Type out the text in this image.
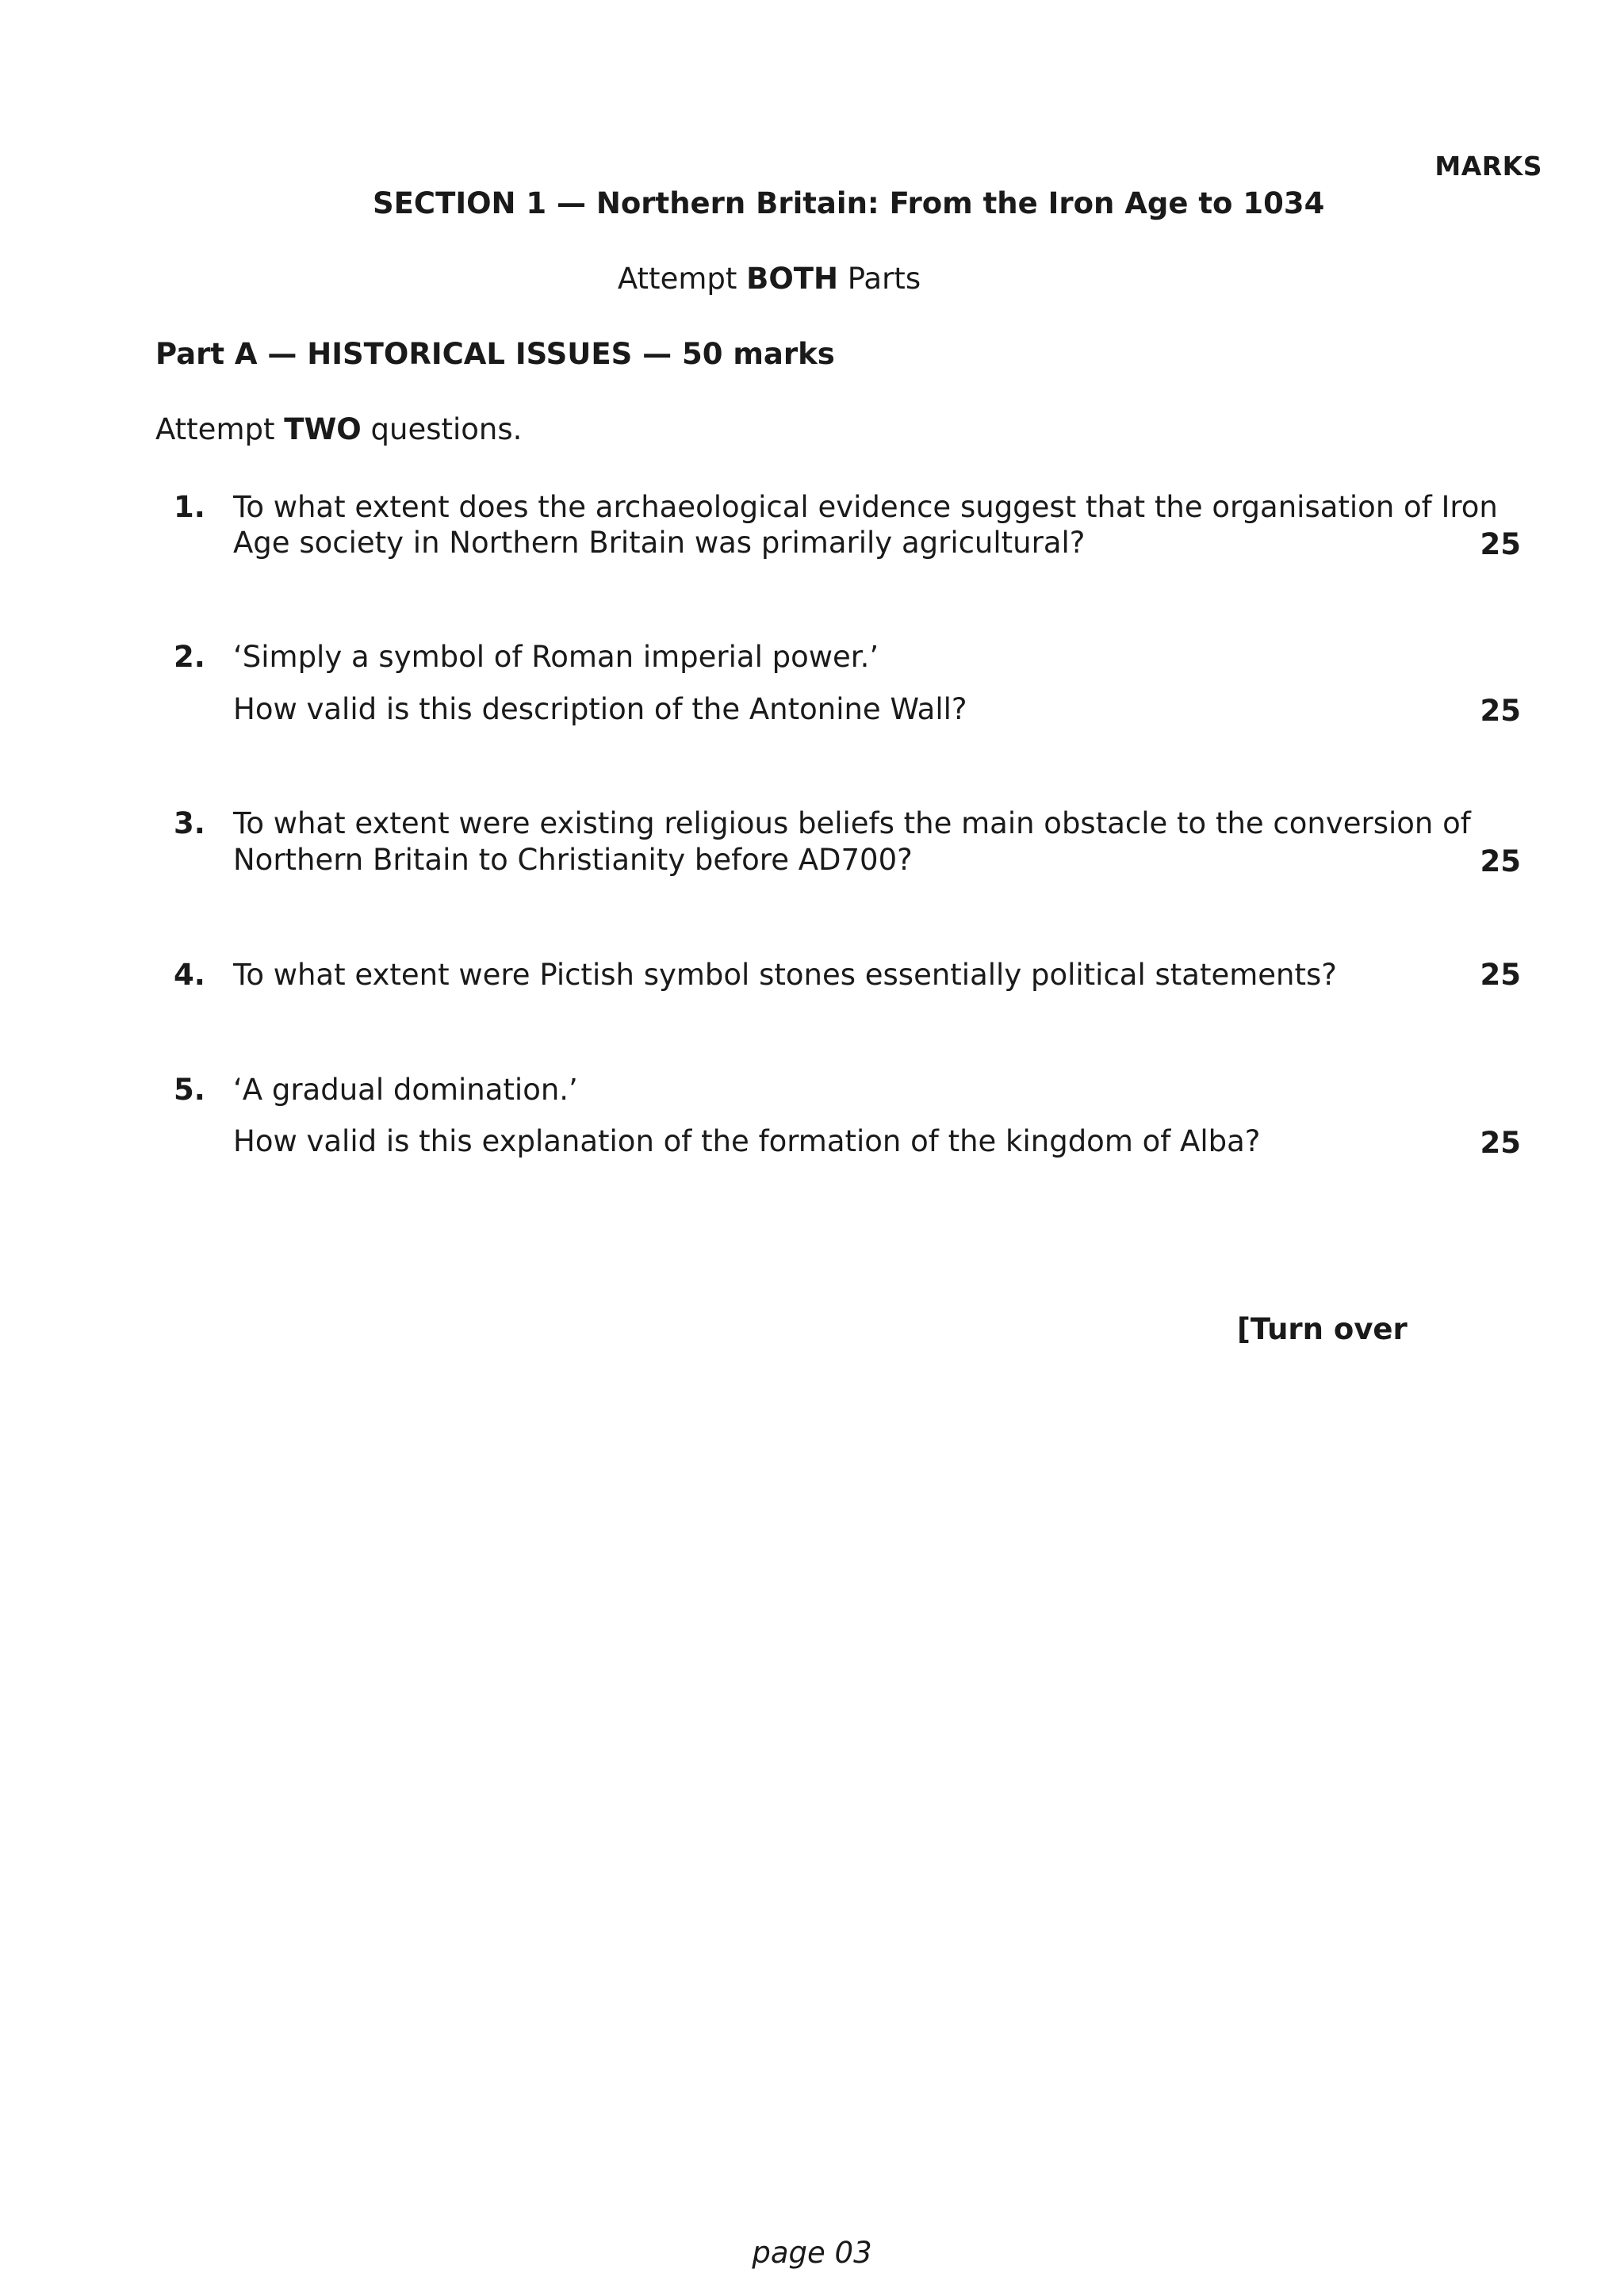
MARKS
SECTION 1 — Northern Britain: From the Iron Age to 1034
Attempt BOTH Parts
Part A — HISTORICAL ISSUES — 50 marks
Attempt TWO questions.
1. To what extent does the archaeological evidence suggest that the organisation of Iron
Age society in Northern Britain was primarily agricultural?	25
2. ‘Simply a symbol of Roman imperial power.’
How valid is this description of the Antonine Wall?	25
3. To what extent were existing religious beliefs the main obstacle to the conversion of
Northern Britain to Christianity before AD700?	25
4. To what extent were Pictish symbol stones essentially political statements?	25
5. ‘A gradual domination.’
How valid is this explanation of the formation of the kingdom of Alba?	25
[Turn over
page 03
